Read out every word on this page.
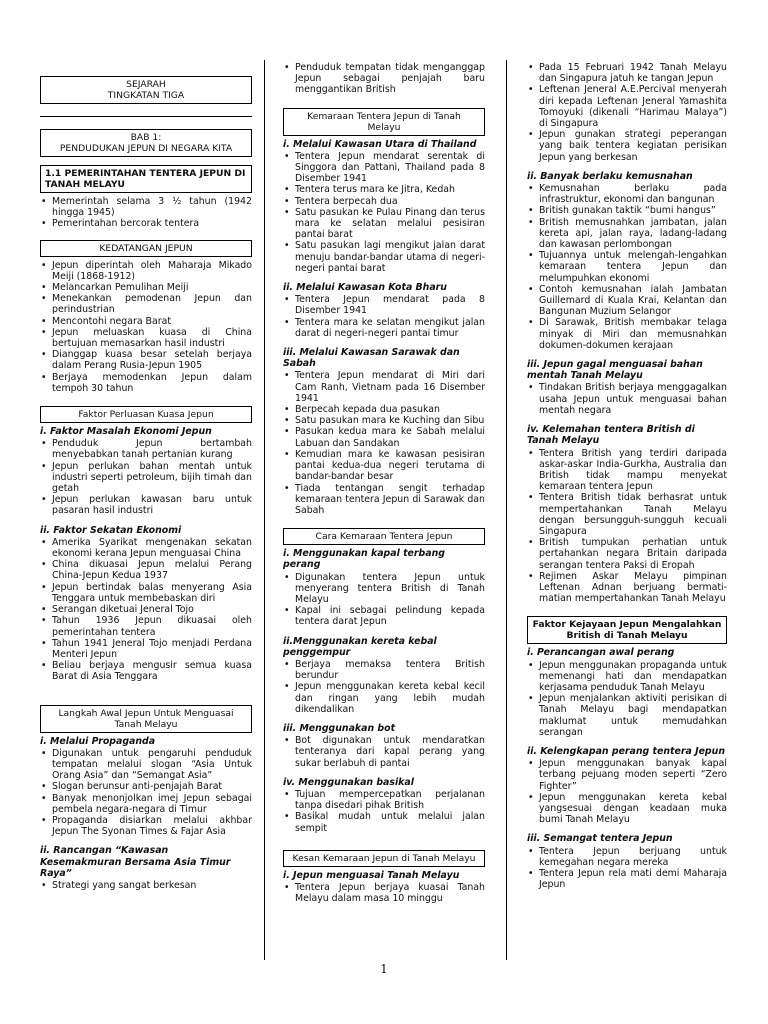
SEJARAH
TINGKATAN TIGA
BAB 1:
PENDUDUKAN JEPUN DI NEGARA KITA
1.1 PEMERINTAHAN TENTERA JEPUN DI TANAH MELAYU
• Memerintah selama 3 ½ tahun (1942 hingga 1945)
• Pemerintahan bercorak tentera
KEDATANGAN JEPUN
• Jepun diperintah oleh Maharaja Mikado Meiji (1868-1912)
• Melancarkan Pemulihan Meiji
• Menekankan pemodenan Jepun dan perindustrian
• Mencontohi negara Barat
• Jepun meluaskan kuasa di China bertujuan memasarkan hasil industri
• Dianggap kuasa besar setelah berjaya dalam Perang Rusia-Jepun 1905
• Berjaya memodenkan Jepun dalam tempoh 30 tahun
Faktor Perluasan Kuasa Jepun
i. Faktor Masalah Ekonomi Jepun
• Penduduk Jepun bertambah menyebabkan tanah pertanian kurang
• Jepun perlukan bahan mentah untuk industri seperti petroleum, bijih timah dan getah
• Jepun perlukan kawasan baru untuk pasaran hasil industri
ii. Faktor Sekatan Ekonomi
• Amerika Syarikat mengenakan sekatan ekonomi kerana Jepun menguasai China
• China dikuasai Jepun melalui Perang China-Jepun Kedua 1937
• Jepun bertindak balas menyerang Asia Tenggara untuk membebaskan diri
• Serangan diketuai Jeneral Tojo
• Tahun 1936 Jepun dikuasai oleh pemerintahan tentera
• Tahun 1941 Jeneral Tojo menjadi Perdana Menteri Jepun
• Beliau berjaya mengusir semua kuasa Barat di Asia Tenggara
Langkah Awal Jepun Untuk Menguasai
Tanah Melayu
i. Melalui Propaganda
• Digunakan untuk pengaruhi penduduk tempatan melalui slogan “Asia Untuk Orang Asia” dan “Semangat Asia”
• Slogan berunsur anti-penjajah Barat
• Banyak menonjolkan imej Jepun sebagai pembela negara-negara di Timur
• Propaganda disiarkan melalui akhbar Jepun The Syonan Times & Fajar Asia
ii. Rancangan “Kawasan Kesemakmuran Bersama Asia Timur Raya”
• Strategi yang sangat berkesan
• Penduduk tempatan tidak menganggap Jepun sebagai penjajah baru menggantikan British
Kemaraan Tentera Jepun di Tanah
Melayu
i. Melalui Kawasan Utara di Thailand
• Tentera Jepun mendarat serentak di Singgora dan Pattani, Thailand pada 8 Disember 1941
• Tentera terus mara ke Jitra, Kedah
• Tentera berpecah dua
• Satu pasukan ke Pulau Pinang dan terus mara ke selatan melalui pesisiran pantai barat
• Satu pasukan lagi mengikut jalan darat menuju bandar-bandar utama di negeri-negeri pantai barat
ii. Melalui Kawasan Kota Bharu
• Tentera Jepun mendarat pada 8 Disember 1941
• Tentera mara ke selatan mengikut jalan darat di negeri-negeri pantai timur
iii. Melalui Kawasan Sarawak dan Sabah
• Tentera Jepun mendarat di Miri dari Cam Ranh, Vietnam pada 16 Disember 1941
• Berpecah kepada dua pasukan
• Satu pasukan mara ke Kuching dan Sibu
• Pasukan kedua mara ke Sabah melalui Labuan dan Sandakan
• Kemudian mara ke kawasan pesisiran pantai kedua-dua negeri terutama di bandar-bandar besar
• Tiada tentangan sengit terhadap kemaraan tentera Jepun di Sarawak dan Sabah
Cara Kemaraan Tentera Jepun
i. Menggunakan kapal terbang perang
• Digunakan tentera Jepun untuk menyerang tentera British di Tanah Melayu
• Kapal ini sebagai pelindung kepada tentera darat Jepun
ii.Menggunakan kereta kebal penggempur
• Berjaya memaksa tentera British berundur
• Jepun menggunakan kereta kebal kecil dan ringan yang lebih mudah dikendalikan
iii. Menggunakan bot
• Bot digunakan untuk mendaratkan tenteranya dari kapal perang yang sukar berlabuh di pantai
iv. Menggunakan basikal
• Tujuan mempercepatkan perjalanan tanpa disedari pihak British
• Basikal mudah untuk melalui jalan sempit
Kesan Kemaraan Jepun di Tanah Melayu
i. Jepun menguasai Tanah Melayu
• Tentera Jepun berjaya kuasai Tanah Melayu dalam masa 10 minggu
• Pada 15 Februari 1942 Tanah Melayu dan Singapura jatuh ke tangan Jepun
• Leftenan Jeneral A.E.Percival menyerah diri kepada Leftenan Jeneral Yamashita Tomoyuki (dikenali “Harimau Malaya”) di Singapura
• Jepun gunakan strategi peperangan yang baik tentera kegiatan perisikan Jepun yang berkesan
ii. Banyak berlaku kemusnahan
• Kemusnahan berlaku pada infrastruktur, ekonomi dan bangunan
• British gunakan taktik “bumi hangus”
• British memusnahkan jambatan, jalan kereta api, jalan raya, ladang-ladang dan kawasan perlombongan
• Tujuannya untuk melengah-lengahkan kemaraan tentera Jepun dan melumpuhkan ekonomi
• Contoh kemusnahan ialah Jambatan Guillemard di Kuala Krai, Kelantan dan Bangunan Muzium Selangor
• Di Sarawak, British membakar telaga minyak di Miri dan memusnahkan dokumen-dokumen kerajaan
iii. Jepun gagal menguasai bahan mentah Tanah Melayu
• Tindakan British berjaya menggagalkan usaha Jepun untuk menguasai bahan mentah negara
iv. Kelemahan tentera British di Tanah Melayu
• Tentera British yang terdiri daripada askar-askar India-Gurkha, Australia dan British tidak mampu menyekat kemaraan tentera Jepun
• Tentera British tidak berhasrat untuk mempertahankan Tanah Melayu dengan bersungguh-sungguh kecuali Singapura
• British tumpukan perhatian untuk pertahankan negara Britain daripada serangan tentera Paksi di Eropah
• Rejimen Askar Melayu pimpinan Leftenan Adnan berjuang bermati-matian mempertahankan Tanah Melayu
Faktor Kejayaan Jepun Mengalahkan
British di Tanah Melayu
i. Perancangan awal perang
• Jepun menggunakan propaganda untuk memenangi hati dan mendapatkan kerjasama penduduk Tanah Melayu
• Jepun menjalankan aktiviti perisikan di Tanah Melayu bagi mendapatkan maklumat untuk memudahkan serangan
ii. Kelengkapan perang tentera Jepun
• Jepun menggunakan banyak kapal terbang pejuang moden seperti “Zero Fighter”
• Jepun menggunakan kereta kebal yangsesuai dengan keadaan muka bumi Tanah Melayu
iii. Semangat tentera Jepun
• Tentera Jepun berjuang untuk kemegahan negara mereka
• Tentera Jepun rela mati demi Maharaja Jepun
1
